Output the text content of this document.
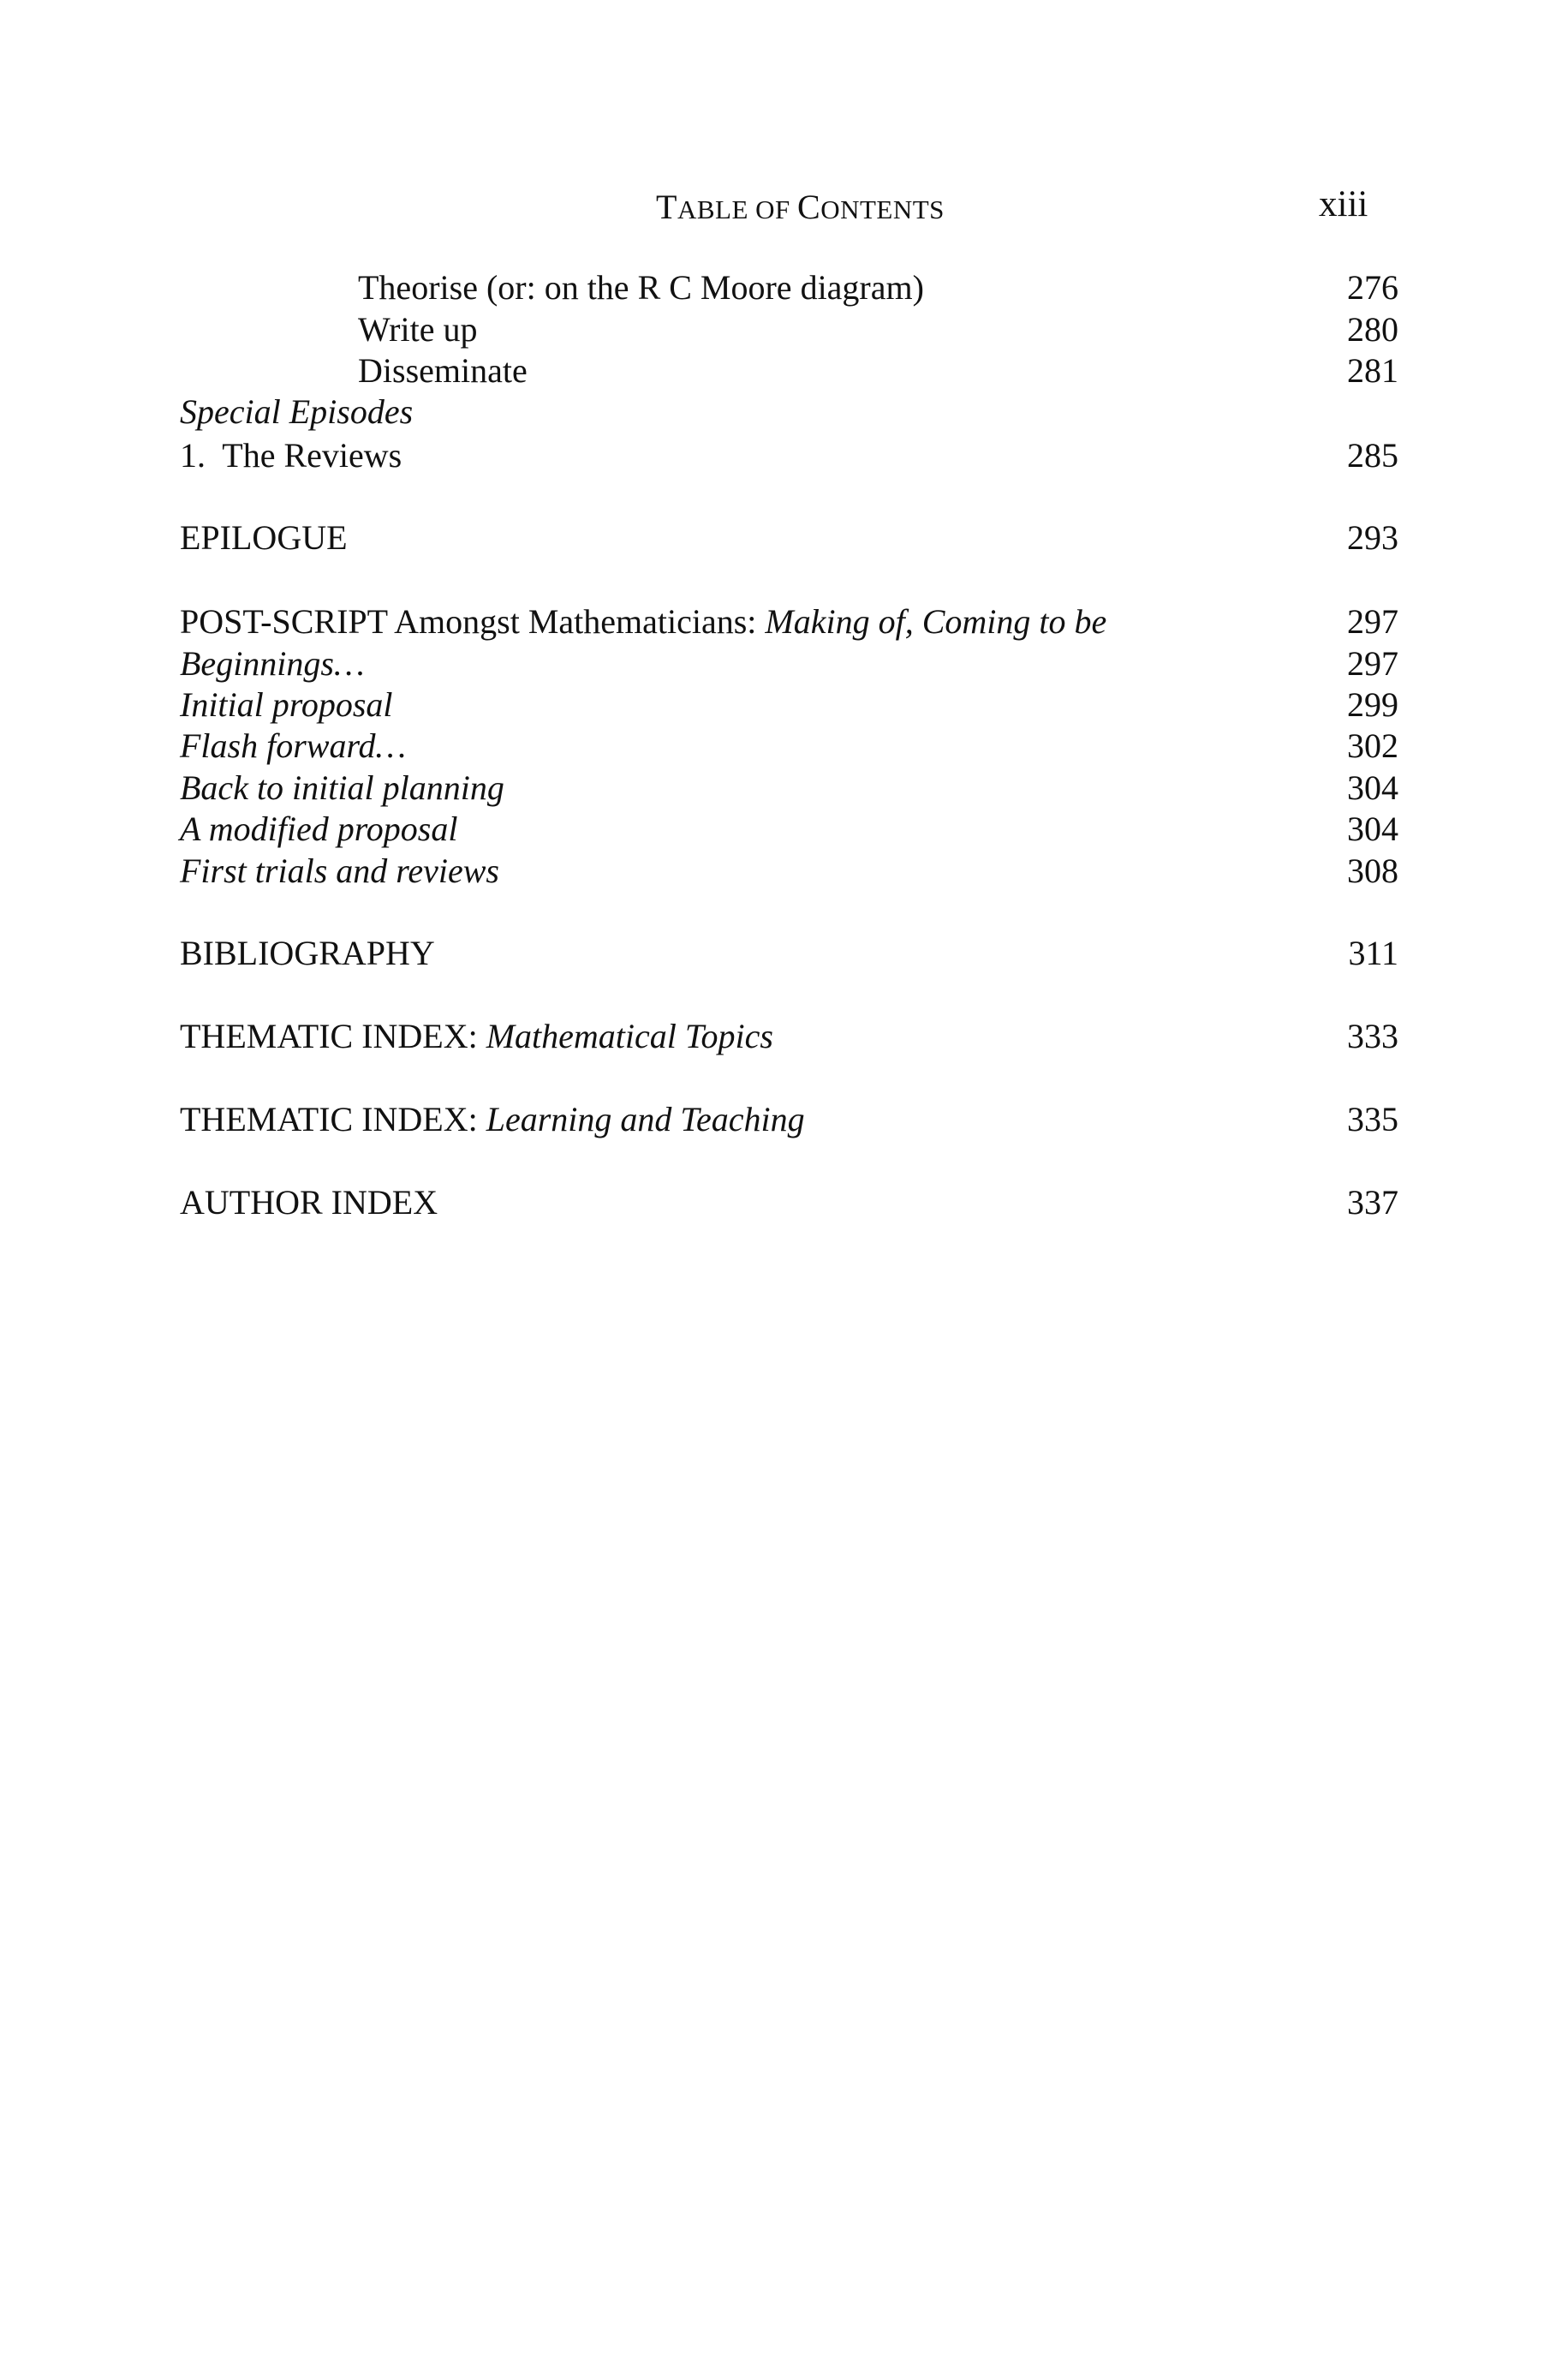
TABLE OF CONTENTS	xiii
Theorise (or: on the R C Moore diagram)	276
Write up	280
Disseminate	281
Special Episodes
1.  The Reviews	285
EPILOGUE	293
POST-SCRIPT Amongst Mathematicians: Making of, Coming to be	297
Beginnings…	297
Initial proposal	299
Flash forward…	302
Back to initial planning	304
A modified proposal	304
First trials and reviews	308
BIBLIOGRAPHY	311
THEMATIC INDEX: Mathematical Topics	333
THEMATIC INDEX: Learning and Teaching	335
AUTHOR INDEX	337
